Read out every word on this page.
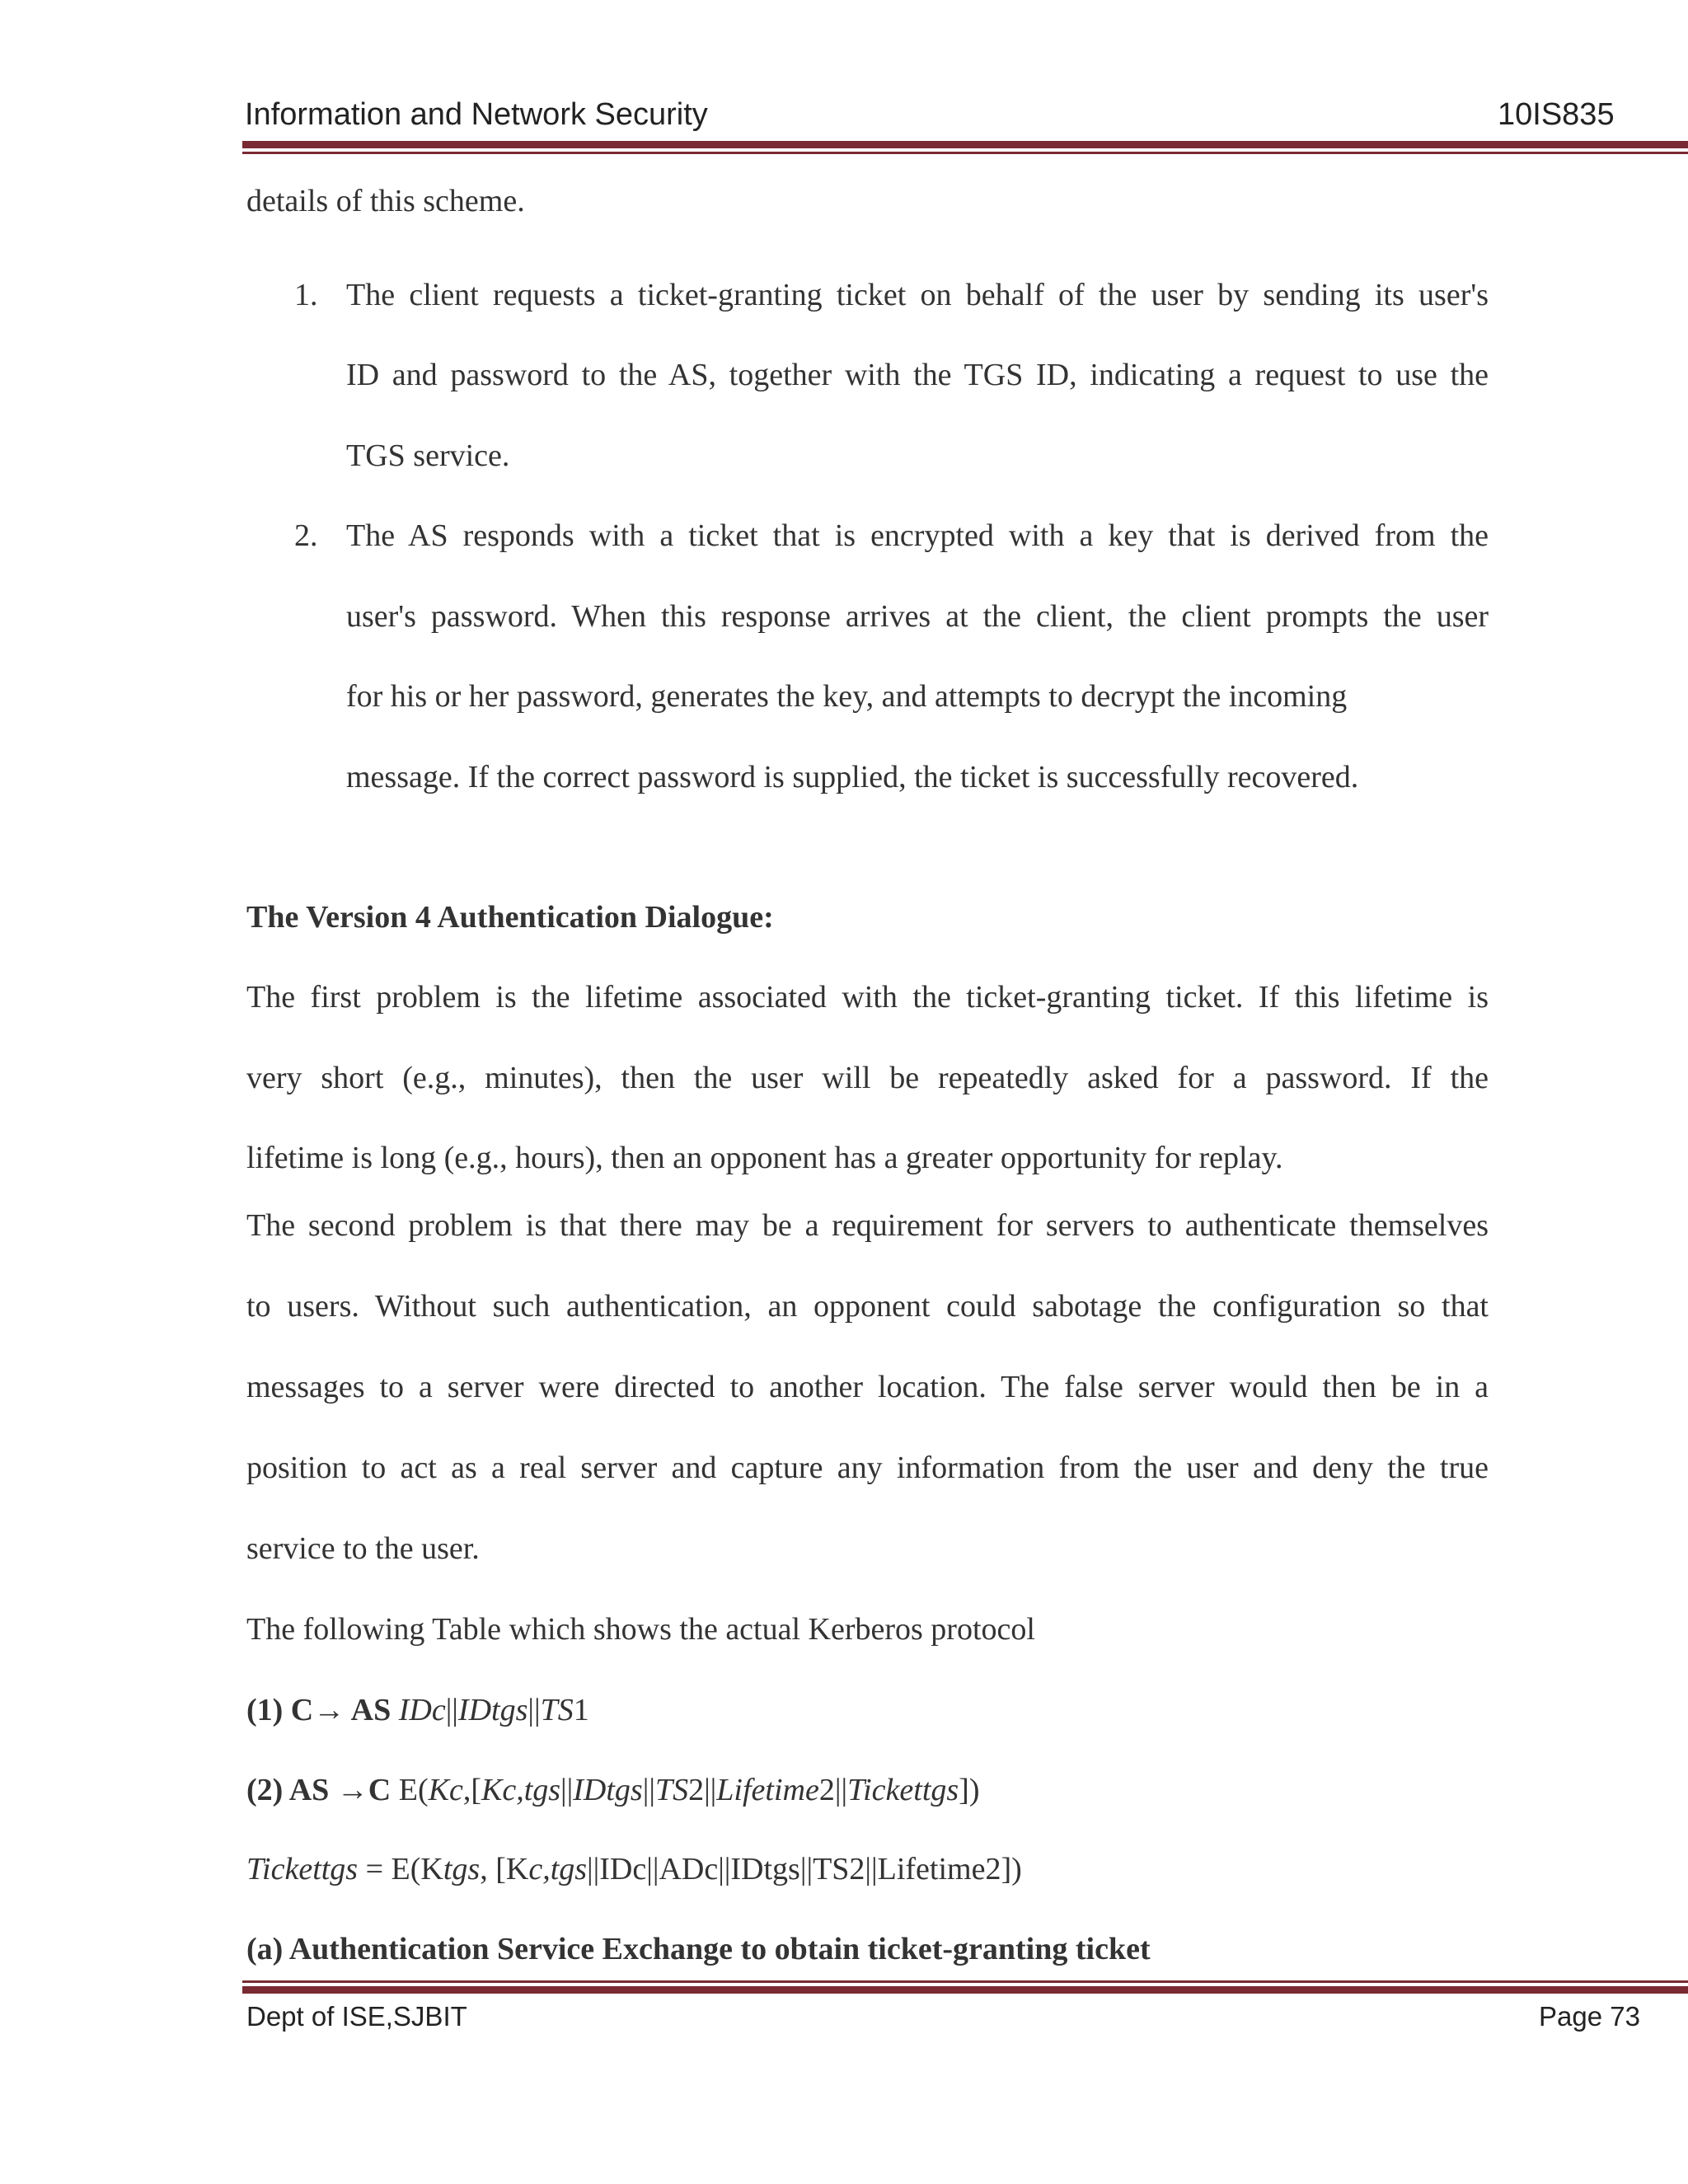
Information and Network Security	10IS835
details of this scheme.
1. The client requests a ticket-granting ticket on behalf of the user by sending its user's
ID and password to the AS, together with the TGS ID, indicating a request to use the
TGS service.
2. The AS responds with a ticket that is encrypted with a key that is derived from the
user's password. When this response arrives at the client, the client prompts the user
for his or her password, generates the key, and attempts to decrypt the incoming
message. If the correct password is supplied, the ticket is successfully recovered.
The Version 4 Authentication Dialogue:
The first problem is the lifetime associated with the ticket-granting ticket. If this lifetime is
very short (e.g., minutes), then the user will be repeatedly asked for a password. If the
lifetime is long (e.g., hours), then an opponent has a greater opportunity for replay.
The second problem is that there may be a requirement for servers to authenticate themselves
to users. Without such authentication, an opponent could sabotage the configuration so that
messages to a server were directed to another location. The false server would then be in a
position to act as a real server and capture any information from the user and deny the true
service to the user.
The following Table which shows the actual Kerberos protocol
(1) C→ AS IDc||IDtgs||TS1
(2) AS →C E(Kc,[Kc,tgs||IDtgs||TS2||Lifetime2||Tickettgs])
Tickettgs = E(Ktgs, [Kc,tgs||IDc||ADc||IDtgs||TS2||Lifetime2])
(a) Authentication Service Exchange to obtain ticket-granting ticket
Dept of ISE,SJBIT	Page 73
